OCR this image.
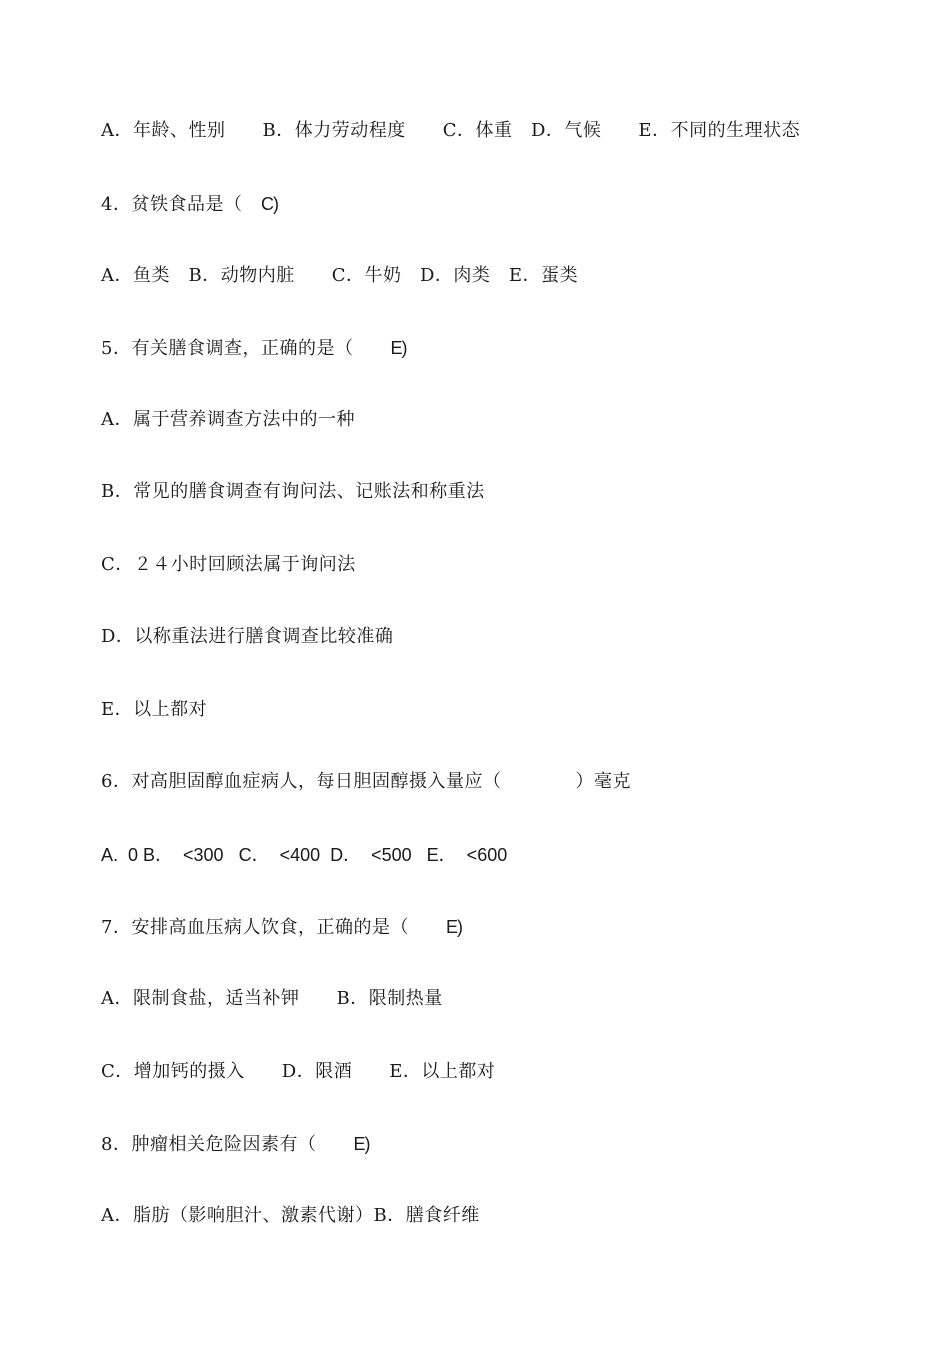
A．年龄、性别　　B．体力劳动程度　　C．体重　D．气候　　E．不同的生理状态
4．贫铁食品是（　C)
A．鱼类　B．动物内脏　　C．牛奶　D．肉类　E．蛋类
5．有关膳食调查，正确的是（　　E)
A．属于营养调查方法中的一种
B．常见的膳食调查有询问法、记账法和称重法
C．２４小时回顾法属于询问法
D．以称重法进行膳食调查比较准确
E．以上都对
6．对高胆固醇血症病人，每日胆固醇摄入量应（　　　　）毫克
A.  0 B．  <300   C．  <400  D．  <500   E．  <600
7．安排高血压病人饮食，正确的是（　　E)
A．限制食盐，适当补钾　　B．限制热量
C．增加钙的摄入　　D．限酒　　E．以上都对
8．肿瘤相关危险因素有（　　E)
A．脂肪（影响胆汁、激素代谢）B．膳食纤维
